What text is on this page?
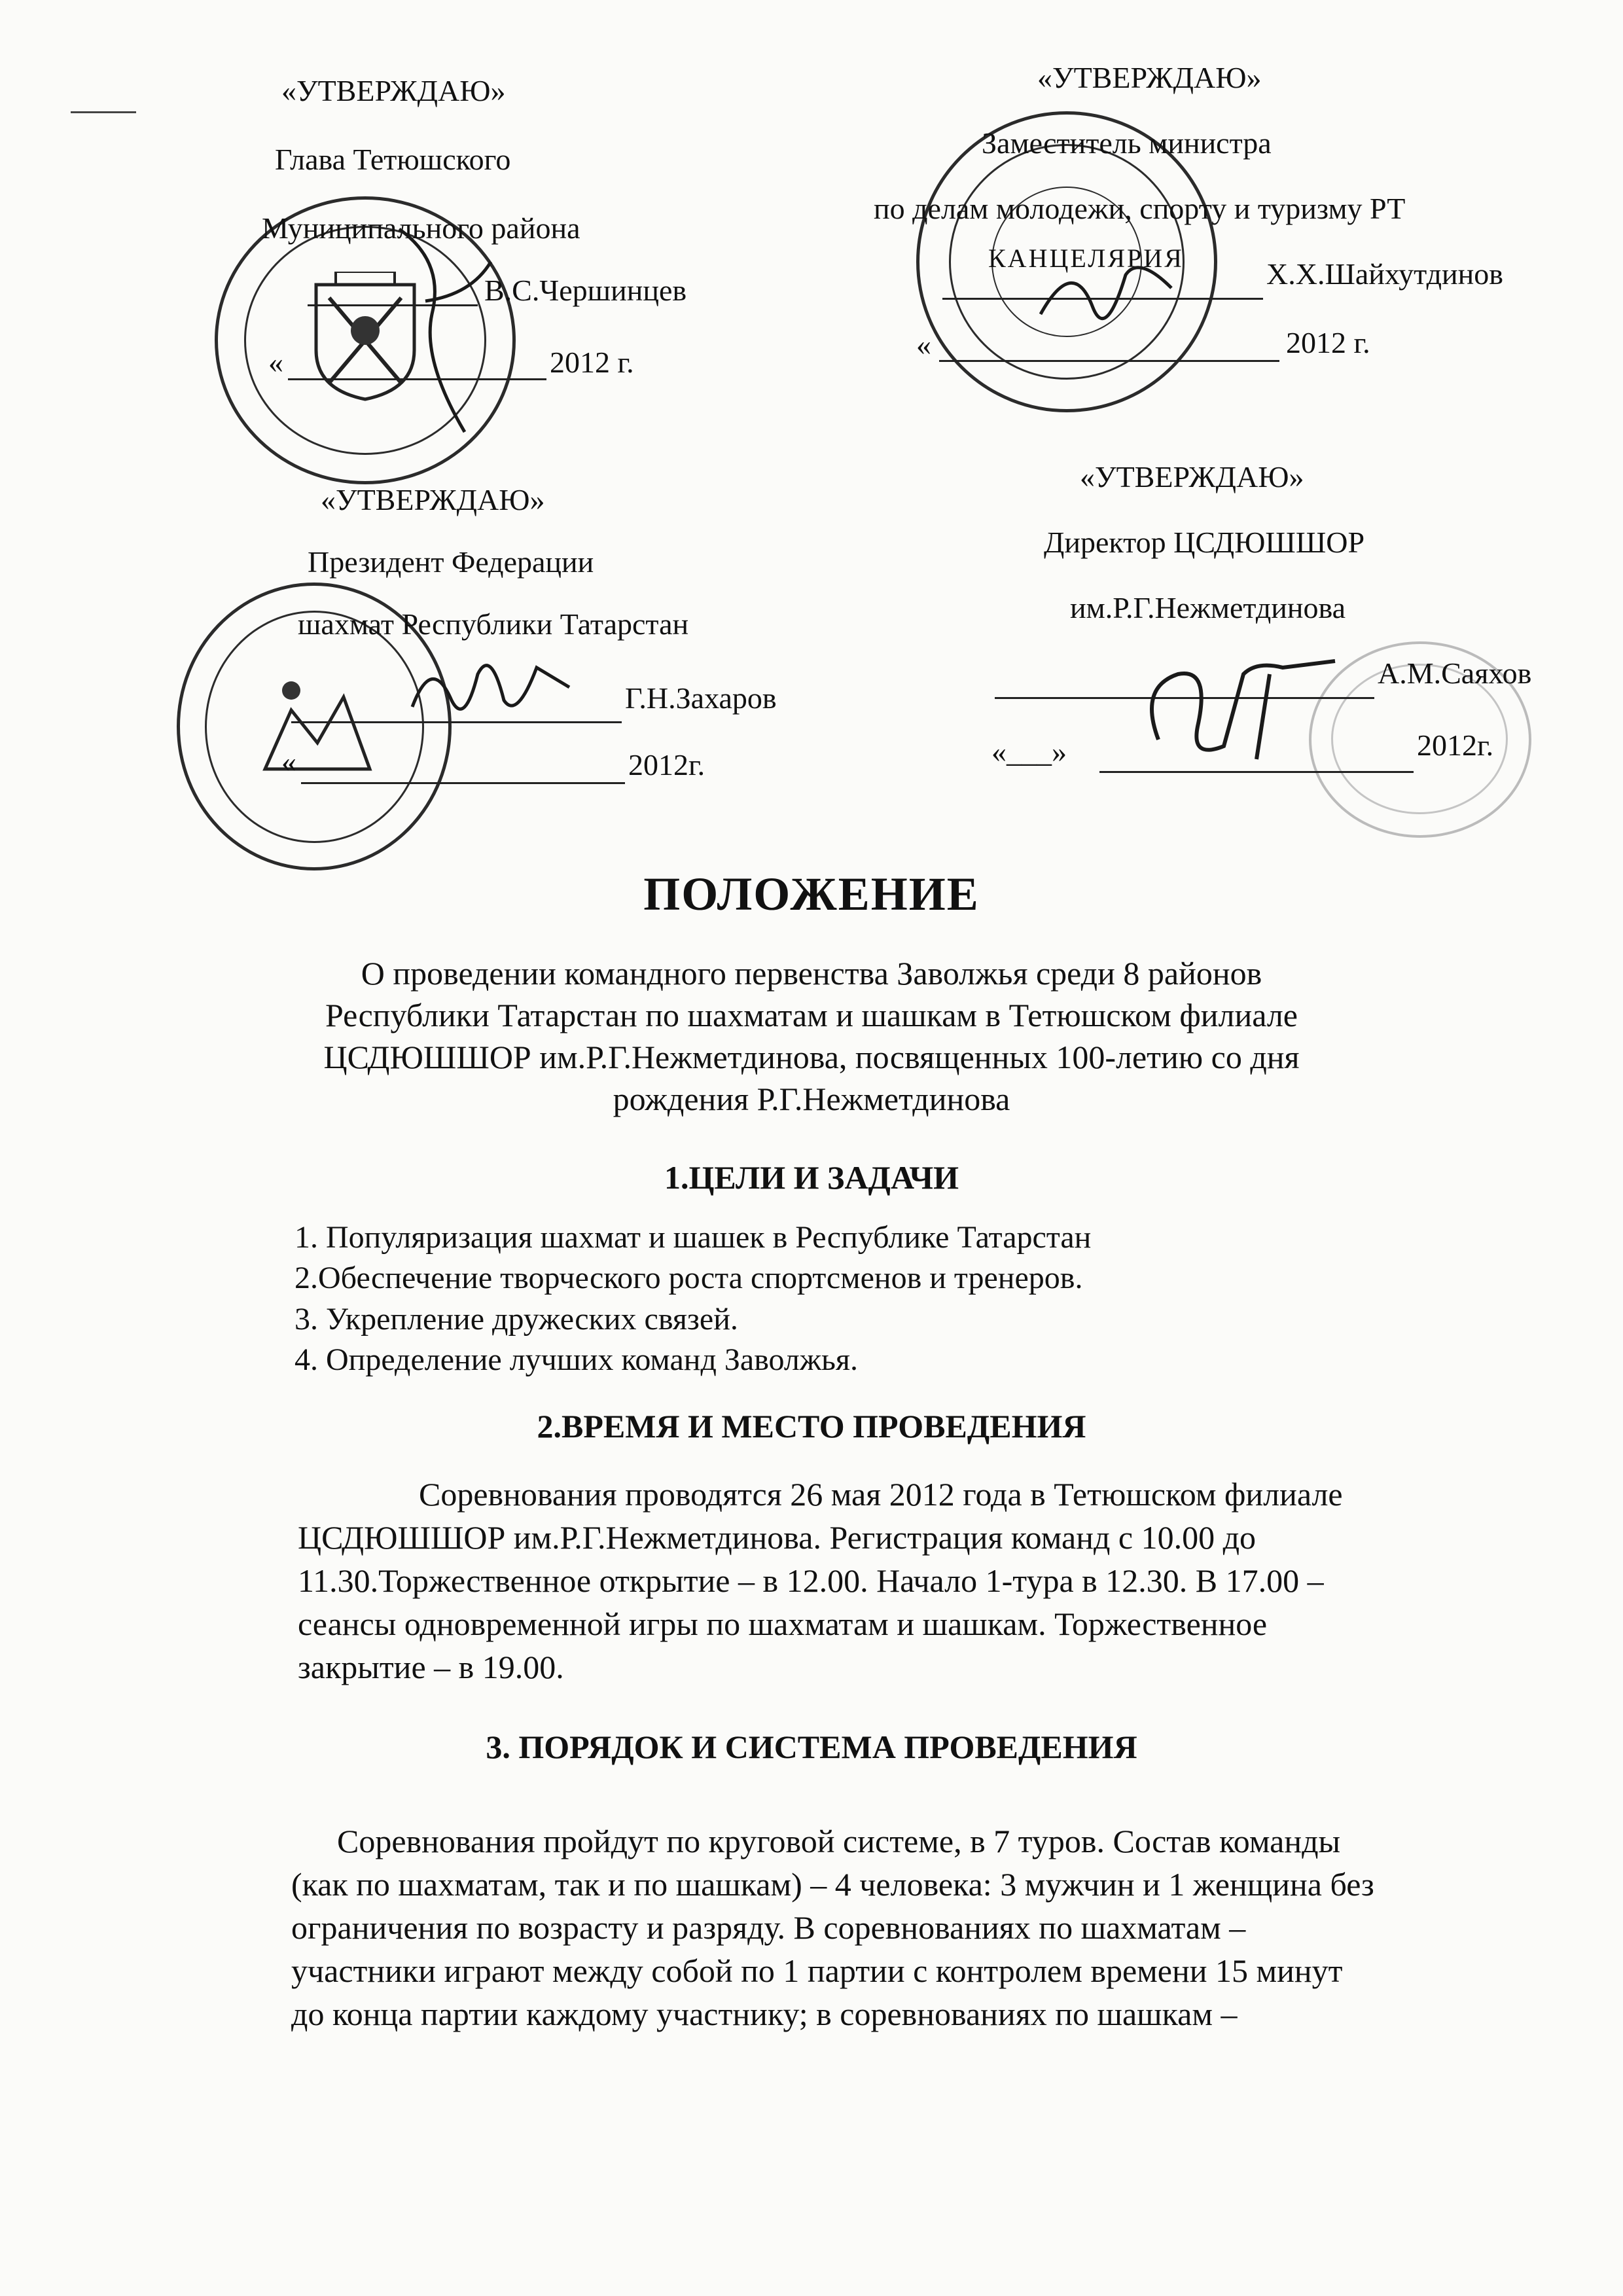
«УТВЕРЖДАЮ»
Глава Тетюшского
Муниципального района
В.С.Чершинцев
«	2012 г.
«УТВЕРЖДАЮ»
Заместитель министра
по делам молодежи, спорту и туризму РТ
КАНЦЕЛЯРИЯ	Х.Х.Шайхутдинов
«	2012 г.
«УТВЕРЖДАЮ»
Президент Федерации
шахмат Республики Татарстан
Г.Н.Захаров
«	2012г.
«УТВЕРЖДАЮ»
Директор ЦСДЮШШОР
им.Р.Г.Нежметдинова
А.М.Саяхов
«___»	2012г.
ПОЛОЖЕНИЕ
О проведении командного первенства Заволжья среди 8 районов
Республики Татарстан по шахматам и шашкам в Тетюшском филиале
ЦСДЮШШОР им.Р.Г.Нежметдинова, посвященных 100-летию со дня
рождения Р.Г.Нежметдинова
1.ЦЕЛИ И ЗАДАЧИ
1. Популяризация шахмат и шашек в Республике Татарстан
2.Обеспечение творческого роста спортсменов и тренеров.
3. Укрепление дружеских связей.
4. Определение лучших команд Заволжья.
2.ВРЕМЯ И МЕСТО ПРОВЕДЕНИЯ
Соревнования проводятся 26 мая 2012 года в Тетюшском филиале
ЦСДЮШШОР им.Р.Г.Нежметдинова. Регистрация команд с 10.00 до
11.30.Торжественное открытие – в 12.00. Начало 1-тура в 12.30. В 17.00 –
сеансы одновременной игры по шахматам и шашкам. Торжественное
закрытие – в 19.00.
3. ПОРЯДОК И СИСТЕМА ПРОВЕДЕНИЯ
Соревнования пройдут по круговой системе, в 7 туров. Состав команды
(как по шахматам, так и по шашкам) – 4 человека: 3 мужчин и 1 женщина без
ограничения по возрасту и разряду. В соревнованиях по шахматам –
участники играют между собой по 1 партии с контролем времени 15 минут
до конца партии каждому участнику; в соревнованиях по шашкам –
